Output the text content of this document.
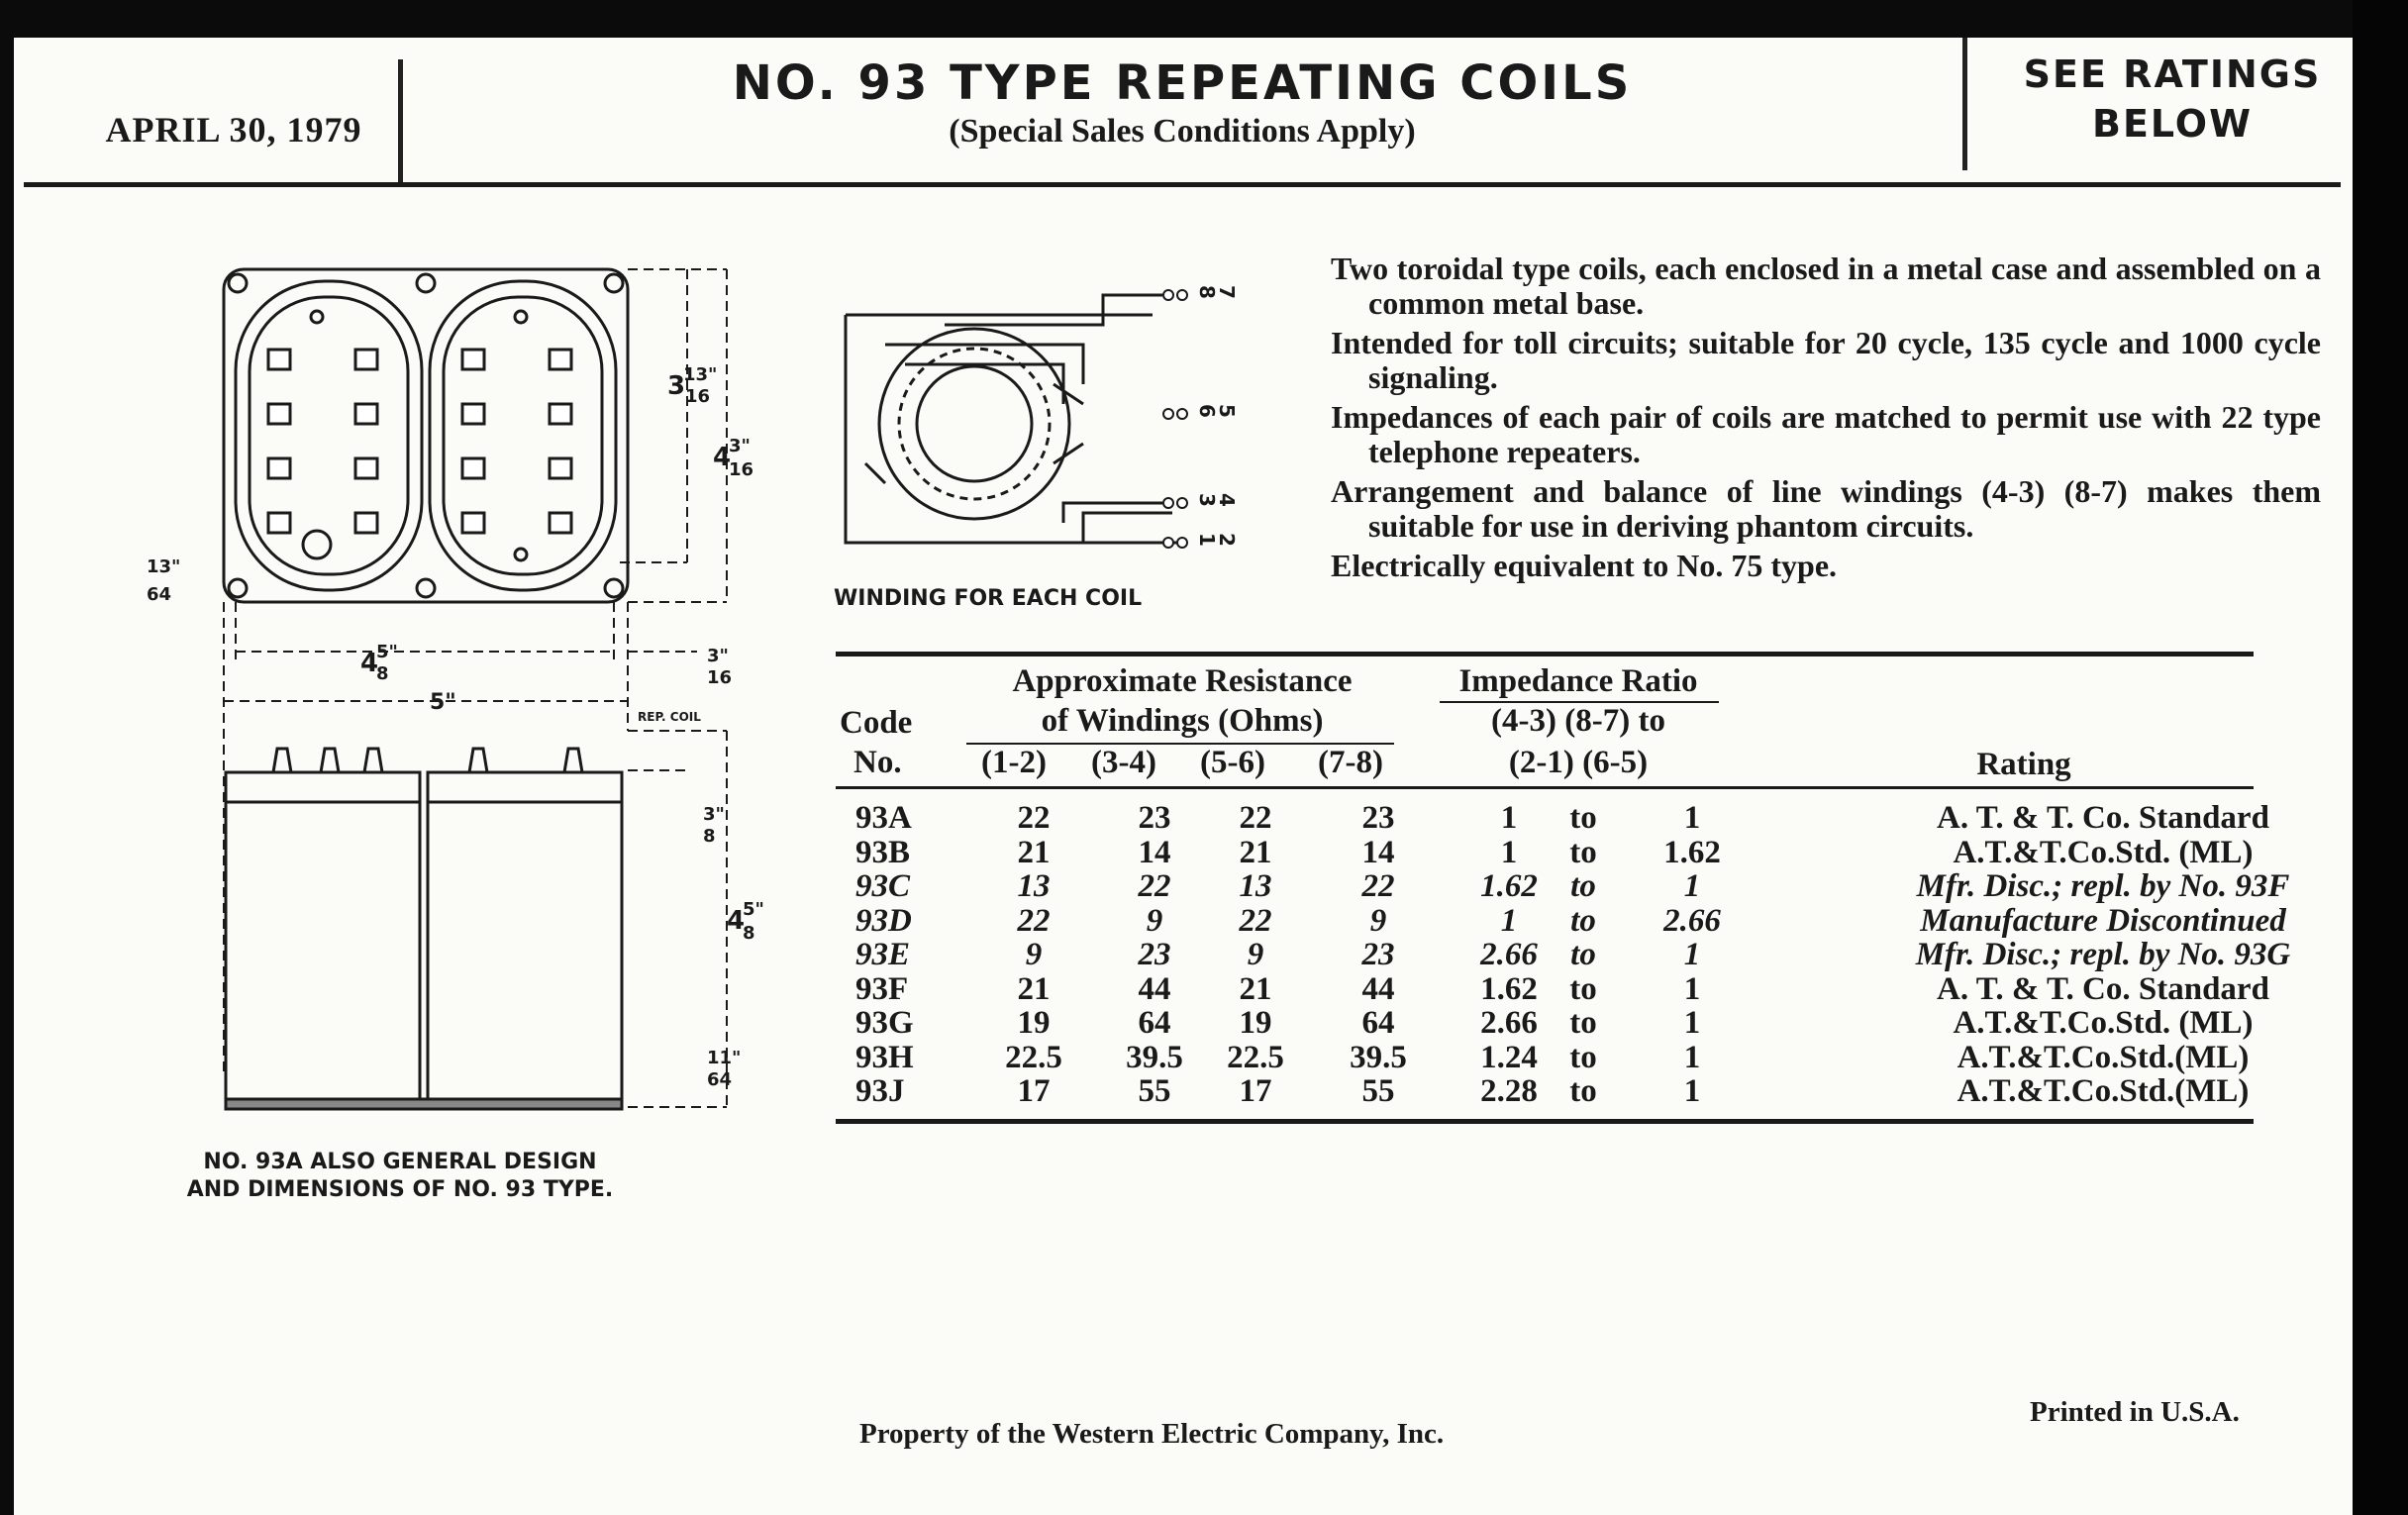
APRIL 30, 1979
NO. 93 TYPE REPEATING COILS
(Special Sales Conditions Apply)
SEE RATINGS
BELOW
3
13"
16
4
3"
16
13"
64
4
5"
8
5"
REP. COIL
3"
16
3"
8
4
5"
8
11"
64
NO. 93A ALSO GENERAL DESIGN
AND DIMENSIONS OF NO. 93 TYPE.
8
7
6
5
3
4
1
2
WINDING FOR EACH COIL

Two toroidal type coils, each enclosed in a metal case and assembled on a common metal base.

Intended for toll circuits; suitable for 20 cycle, 135 cycle and 1000 cycle signaling.

Impedances of each pair of coils are matched to permit use with 22 type telephone repeaters.

Arrangement and balance of line windings (4-3) (8-7) makes them suitable for use in deriving phantom circuits.

Electrically equivalent to No. 75 type.

Code
No.
Approximate Resistance
of Windings (Ohms)
(1-2)	(3-4)	(5-6)	(7-8)
Impedance Ratio
(4-3) (8-7) to
(2-1) (6-5)	Rating
93A	22	23	22	23	1	to	1	A. T. & T. Co. Standard
93B	21	14	21	14	1	to	1.62	A.T.&T.Co.Std. (ML)
93C	13	22	13	22	1.62	to	1	Mfr. Disc.; repl. by No. 93F
93D	22	9	22	9	1	to	2.66	Manufacture Discontinued
93E	9	23	9	23	2.66	to	1	Mfr. Disc.; repl. by No. 93G
93F	21	44	21	44	1.62 to	1	A. T. & T. Co. Standard
93G	19	64	19	64	2.66 to	1	A.T.&T.Co.Std. (ML)
93H	22.5	39.5	22.5	39.5	1.24 to	1	A.T.&T.Co.Std.(ML)
93J	17	55	17	55	2.28 to	1	A.T.&T.Co.Std.(ML)
Property of the Western Electric Company, Inc.
Printed in U.S.A.
